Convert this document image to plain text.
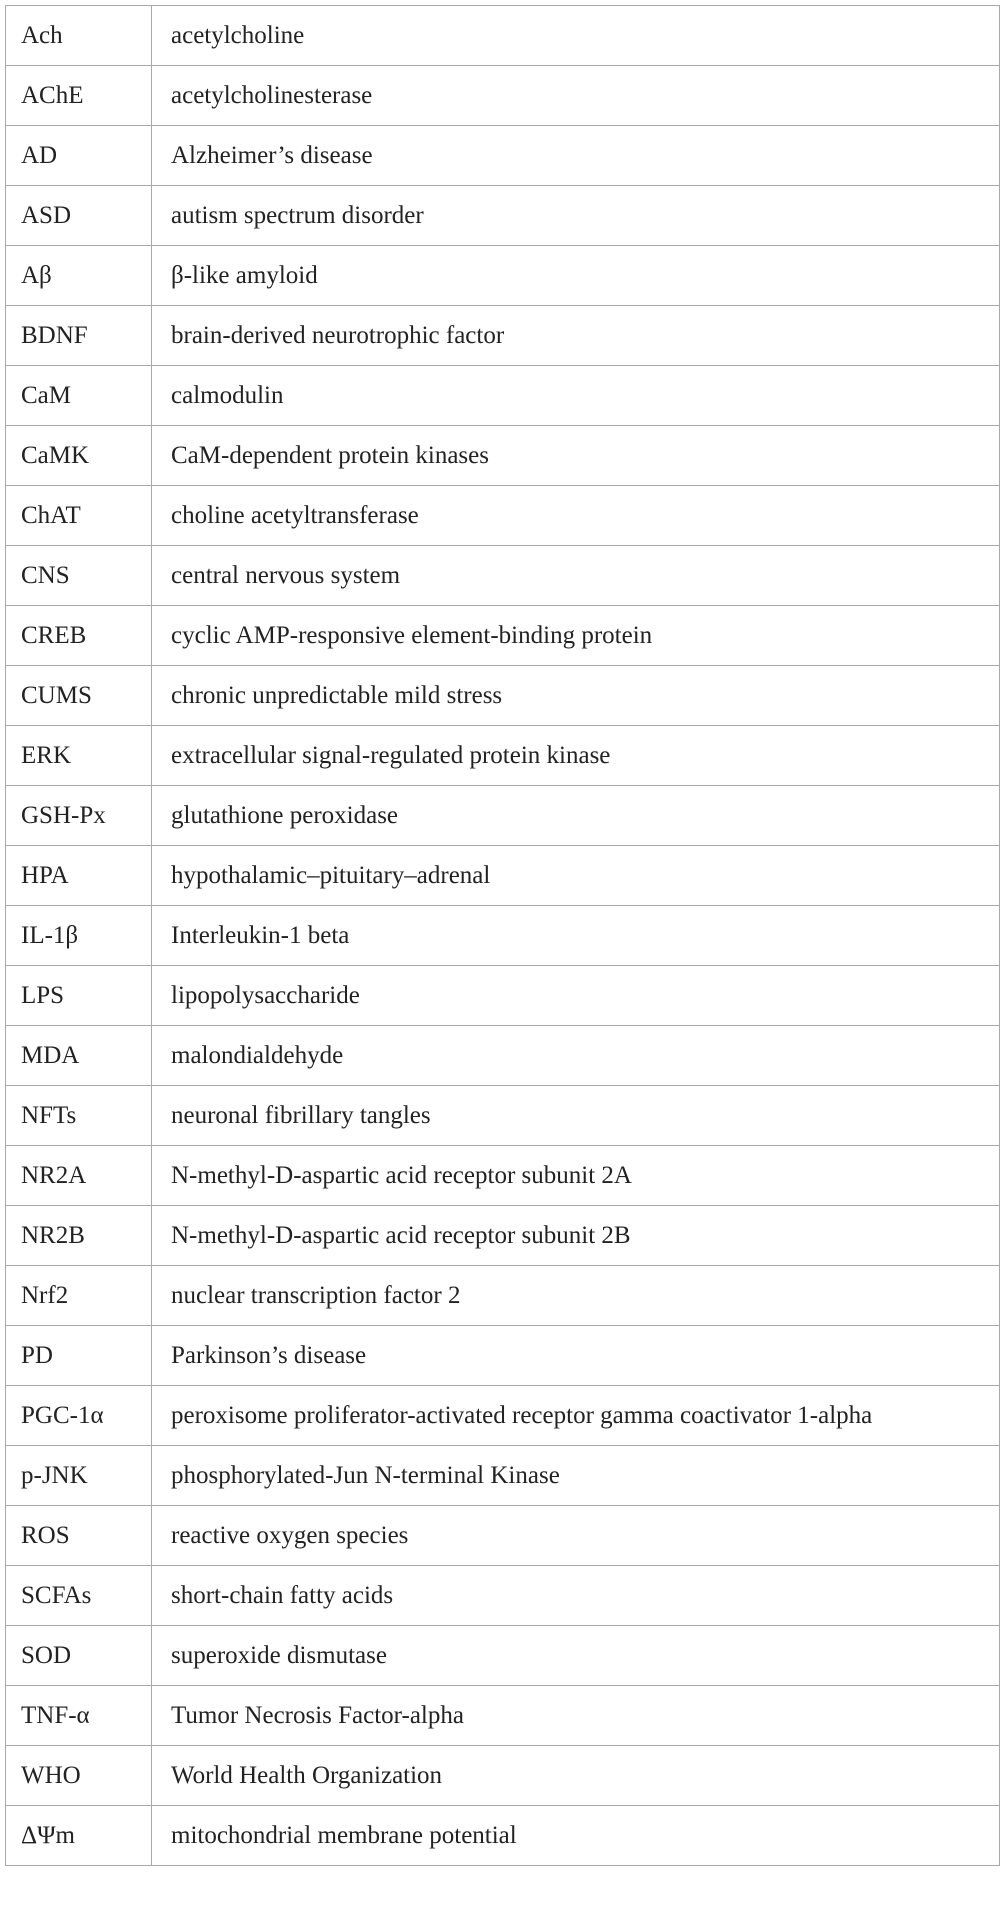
Ach	acetylcholine
AChE	acetylcholinesterase
AD	Alzheimer’s disease
ASD	autism spectrum disorder
Aβ	β-like amyloid
BDNF	brain-derived neurotrophic factor
CaM	calmodulin
CaMK	CaM-dependent protein kinases
ChAT	choline acetyltransferase
CNS	central nervous system
CREB	cyclic AMP-responsive element-binding protein
CUMS	chronic unpredictable mild stress
ERK	extracellular signal-regulated protein kinase
GSH-Px	glutathione peroxidase
HPA	hypothalamic–pituitary–adrenal
IL-1β	Interleukin-1 beta
LPS	lipopolysaccharide
MDA	malondialdehyde
NFTs	neuronal fibrillary tangles
NR2A	N-methyl-D-aspartic acid receptor subunit 2A
NR2B	N-methyl-D-aspartic acid receptor subunit 2B
Nrf2	nuclear transcription factor 2
PD	Parkinson’s disease
PGC-1α	peroxisome proliferator-activated receptor gamma coactivator 1-alpha
p-JNK	phosphorylated-Jun N-terminal Kinase
ROS	reactive oxygen species
SCFAs	short-chain fatty acids
SOD	superoxide dismutase
TNF-α	Tumor Necrosis Factor-alpha
WHO	World Health Organization
ΔΨm	mitochondrial membrane potential
